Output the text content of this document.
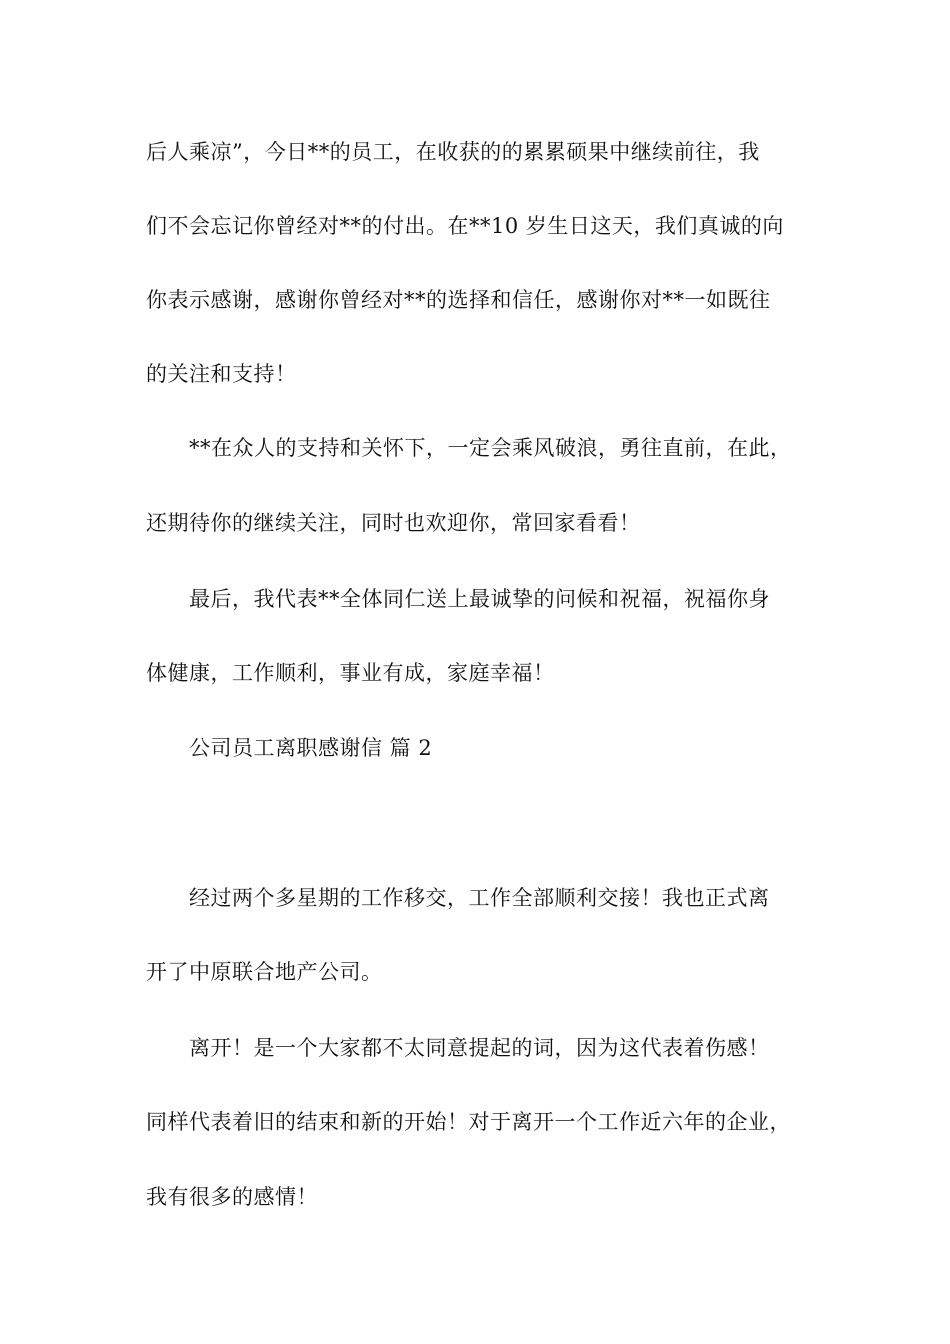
后人乘凉”，今日**的员工，在收获的的累累硕果中继续前往，我
们不会忘记你曾经对**的付出。在**10 岁生日这天，我们真诚的向
你表示感谢，感谢你曾经对**的选择和信任，感谢你对**一如既往
的关注和支持！
**在众人的支持和关怀下，一定会乘风破浪，勇往直前，在此，
还期待你的继续关注，同时也欢迎你，常回家看看！
最后，我代表**全体同仁送上最诚挚的问候和祝福，祝福你身
体健康，工作顺利，事业有成，家庭幸福！
公司员工离职感谢信 篇 2
经过两个多星期的工作移交，工作全部顺利交接！我也正式离
开了中原联合地产公司。
离开！是一个大家都不太同意提起的词，因为这代表着伤感！
同样代表着旧的结束和新的开始！对于离开一个工作近六年的企业，
我有很多的感情！
